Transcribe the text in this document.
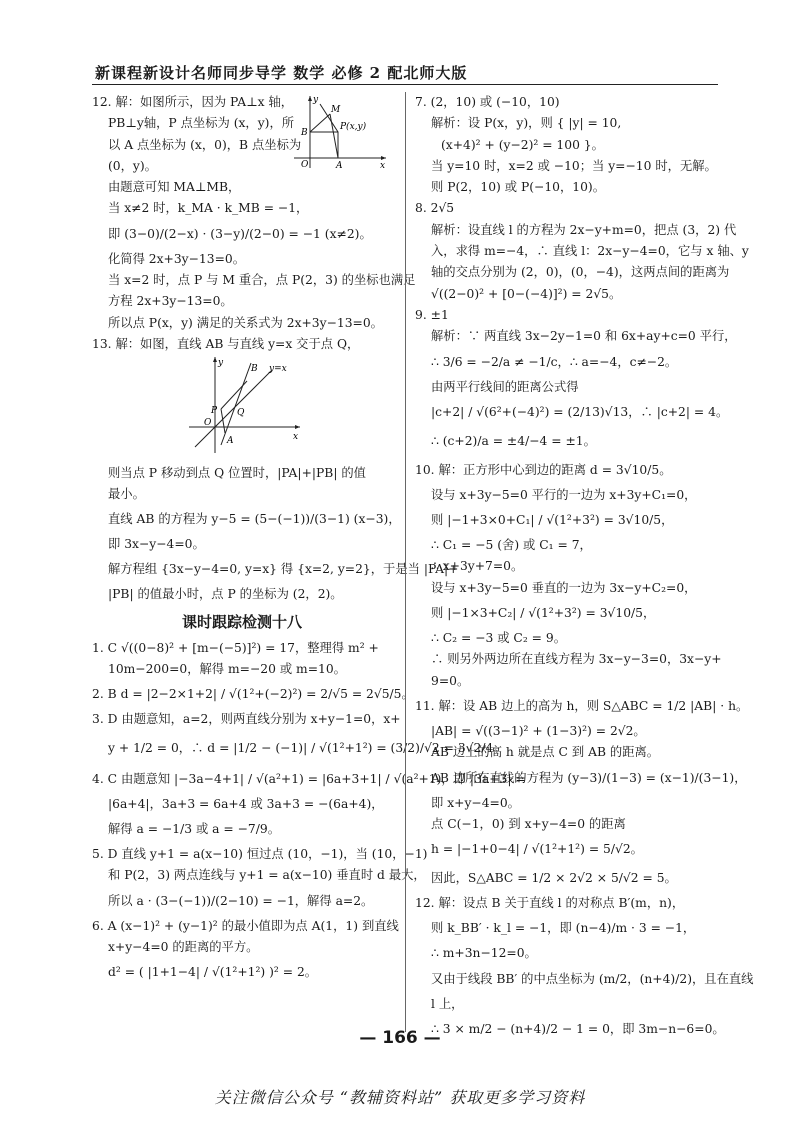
新课程新设计名师同步导学 数学 必修 2 配北师大版
12. 解：如图所示，因为 PA⊥x 轴，
PB⊥y轴，P 点坐标为 (x，y)，所
以 A 点坐标为 (x，0)，B 点坐标为
(0，y)。
由题意可知 MA⊥MB，
当 x≠2 时，k_MA · k_MB = −1，
即 (3−0)/(2−x) · (3−y)/(2−0) = −1 (x≠2)。
化简得 2x+3y−13=0。
当 x=2 时，点 P 与 M 重合，点 P(2，3) 的坐标也满足
方程 2x+3y−13=0。
所以点 P(x，y) 满足的关系式为 2x+3y−13=0。
y
B
M
P(x,y)
O	A	x
13. 解：如图，直线 AB 与直线 y=x 交于点 Q，
y
B y=x
P Q
O
A	x
则当点 P 移动到点 Q 位置时，|PA|+|PB| 的值
最小。
直线 AB 的方程为 y−5 = (5−(−1))/(3−1) (x−3)，
即 3x−y−4=0。
解方程组 {3x−y−4=0, y=x} 得 {x=2, y=2}，于是当 |PA|+
|PB| 的值最小时，点 P 的坐标为 (2，2)。
课时跟踪检测十八
1. C √((0−8)² + [m−(−5)]²) = 17，整理得 m² +
10m−200=0，解得 m=−20 或 m=10。
2. B d = |2−2×1+2| / √(1²+(−2)²) = 2/√5 = 2√5/5。
3. D 由题意知，a=2，则两直线分别为 x+y−1=0，x+
y + 1/2 = 0，∴ d = |1/2 − (−1)| / √(1²+1²) = (3/2)/√2 = 3√2/4。
4. C 由题意知 |−3a−4+1| / √(a²+1) = |6a+3+1| / √(a²+1)，即 |3a+3| =
|6a+4|，3a+3 = 6a+4 或 3a+3 = −(6a+4)，
解得 a = −1/3 或 a = −7/9。
5. D 直线 y+1 = a(x−10) 恒过点 (10，−1)，当 (10，−1)
和 P(2，3) 两点连线与 y+1 = a(x−10) 垂直时 d 最大，
所以 a · (3−(−1))/(2−10) = −1，解得 a=2。
6. A (x−1)² + (y−1)² 的最小值即为点 A(1，1) 到直线
x+y−4=0 的距离的平方。
d² = ( |1+1−4| / √(1²+1²) )² = 2。
7. (2，10) 或 (−10，10)
解析：设 P(x，y)，则 { |y| = 10,
(x+4)² + (y−2)² = 100 }。
当 y=10 时，x=2 或 −10；当 y=−10 时，无解。
则 P(2，10) 或 P(−10，10)。
8. 2√5
解析：设直线 l 的方程为 2x−y+m=0，把点 (3，2) 代
入，求得 m=−4，∴ 直线 l：2x−y−4=0，它与 x 轴、y
轴的交点分别为 (2，0)，(0，−4)，这两点间的距离为
√((2−0)² + [0−(−4)]²) = 2√5。
9. ±1
解析：∵ 两直线 3x−2y−1=0 和 6x+ay+c=0 平行，
∴ 3/6 = −2/a ≠ −1/c，∴ a=−4，c≠−2。
由两平行线间的距离公式得
|c+2| / √(6²+(−4)²) = (2/13)√13，∴ |c+2| = 4。
∴ (c+2)/a = ±4/−4 = ±1。
10. 解：正方形中心到边的距离 d = 3√10/5。
设与 x+3y−5=0 平行的一边为 x+3y+C₁=0，
则 |−1+3×0+C₁| / √(1²+3²) = 3√10/5，
∴ C₁ = −5 (舍) 或 C₁ = 7，
∴ x+3y+7=0。
设与 x+3y−5=0 垂直的一边为 3x−y+C₂=0，
则 |−1×3+C₂| / √(1²+3²) = 3√10/5，
∴ C₂ = −3 或 C₂ = 9。
∴ 则另外两边所在直线方程为 3x−y−3=0，3x−y+
9=0。
11. 解：设 AB 边上的高为 h，则 S△ABC = 1/2 |AB| · h。
|AB| = √((3−1)² + (1−3)²) = 2√2。
AB 边上的高 h 就是点 C 到 AB 的距离。
AB 边所在直线的方程为 (y−3)/(1−3) = (x−1)/(3−1)，
即 x+y−4=0。
点 C(−1，0) 到 x+y−4=0 的距离
h = |−1+0−4| / √(1²+1²) = 5/√2。
因此，S△ABC = 1/2 × 2√2 × 5/√2 = 5。
12. 解：设点 B 关于直线 l 的对称点 B′(m，n)，
则 k_BB′ · k_l = −1，即 (n−4)/m · 3 = −1，
∴ m+3n−12=0。
又由于线段 BB′ 的中点坐标为 (m/2，(n+4)/2)，且在直线
l 上，
∴ 3 × m/2 − (n+4)/2 − 1 = 0，即 3m−n−6=0。
— 166 —
关注微信公众号 “教辅资料站” 获取更多学习资料
